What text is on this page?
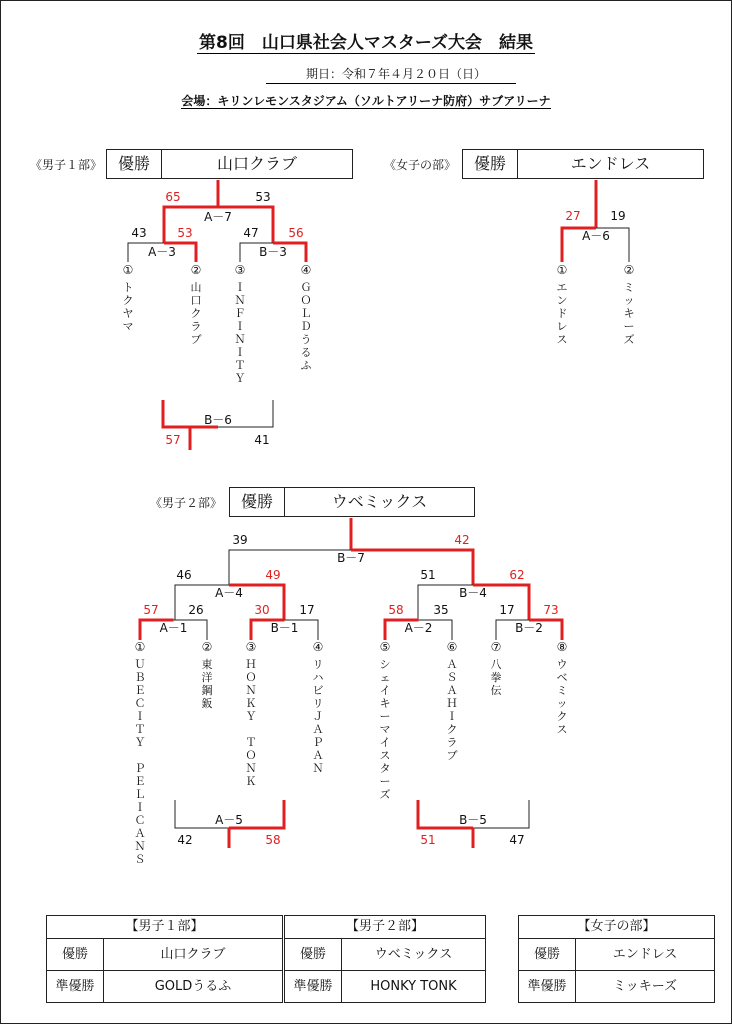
第8回　山口県社会人マスターズ大会　結果
期日：令和７年４月２０日（日）
会場：キリンレモンスタジアム（ソルトアリーナ防府）サブアリーナ
《男子１部》 優勝	山口クラブ	《女子の部》	優勝	エンドレス
《男子２部》	優勝	ウベミックス
A－7
65	53
A－3
43	53
B－3
47 56
①
ト
ク
ヤ
マ
②
山
口
ク
ラ
ブ
③
Ｉ
Ｎ
Ｆ
Ｉ
Ｎ
Ｉ
Ｔ
Ｙ
④
Ｇ
Ｏ
Ｌ
Ｄ
う
る
ふ
B－6
57	41
A－6
27 19
①
エ
ン
ド
レ
ス
②
ミ
ッ
キ
ー
ズ
B－7
39	42
A－4
46	49
B－4
51	62
A－1
57 26
B－1
30 17
A－2
58 35
B－2
17 73
①
Ｕ
Ｂ
Ｅ
Ｃ
Ｉ
Ｔ
Ｙ
Ｐ
Ｅ
Ｌ
Ｉ
Ｃ
Ａ
Ｎ
Ｓ
②
東
洋
鋼
鈑
③
Ｈ
Ｏ
Ｎ
Ｋ
Ｙ
Ｔ
Ｏ
Ｎ
Ｋ
④
リ
ハ
ビ
リ
Ｊ
Ａ
Ｐ
Ａ
Ｎ
⑤
シ
ェ
イ
キ
ー
マ
イ
ス
タ
ー
ズ
⑥
Ａ
Ｓ
Ａ
Ｈ
Ｉ
ク
ラ
ブ
⑦
八
拳
伝
⑧
ウ
ベ
ミ
ッ
ク
ス
A－5
42	58
B－5
51	47
【男子１部】
優勝	山口クラブ
準優勝	GOLDうるふ
【男子２部】
優勝	ウベミックス
準優勝	HONKY TONK
【女子の部】
優勝	エンドレス
準優勝	ミッキーズ
